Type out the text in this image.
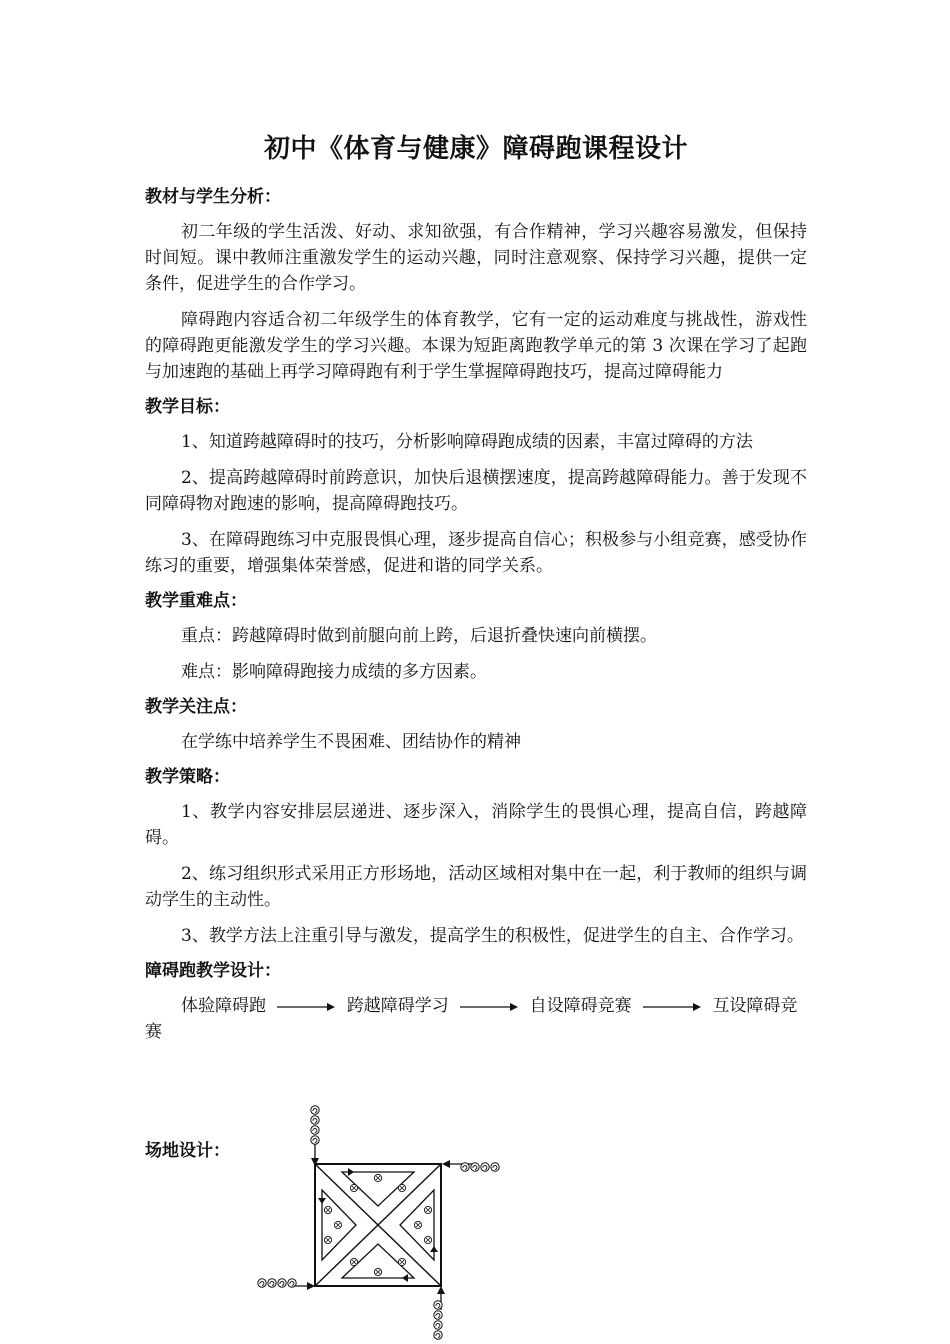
初中《体育与健康》障碍跑课程设计
教材与学生分析：

初二年级的学生活泼、好动、求知欲强，有合作精神，学习兴趣容易激发，但保持时间短。课中教师注重激发学生的运动兴趣，同时注意观察、保持学习兴趣，提供一定条件，促进学生的合作学习。

障碍跑内容适合初二年级学生的体育教学，它有一定的运动难度与挑战性，游戏性的障碍跑更能激发学生的学习兴趣。本课为短距离跑教学单元的第 3 次课在学习了起跑与加速跑的基础上再学习障碍跑有利于学生掌握障碍跑技巧，提高过障碍能力

教学目标：

1、知道跨越障碍时的技巧，分析影响障碍跑成绩的因素，丰富过障碍的方法

2、提高跨越障碍时前跨意识，加快后退横摆速度，提高跨越障碍能力。善于发现不同障碍物对跑速的影响，提高障碍跑技巧。

3、在障碍跑练习中克服畏惧心理，逐步提高自信心；积极参与小组竞赛，感受协作练习的重要，增强集体荣誉感，促进和谐的同学关系。

教学重难点：

重点：跨越障碍时做到前腿向前上跨，后退折叠快速向前横摆。

难点：影响障碍跑接力成绩的多方因素。

教学关注点：

在学练中培养学生不畏困难、团结协作的精神

教学策略：

1、教学内容安排层层递进、逐步深入，消除学生的畏惧心理，提高自信，跨越障碍。

2、练习组织形式采用正方形场地，活动区域相对集中在一起，利于教师的组织与调动学生的主动性。

3、教学方法上注重引导与激发，提高学生的积极性，促进学生的自主、合作学习。

障碍跑教学设计：

体验障碍跑	跨越障碍学习	自设障碍竞赛	互设障碍竞赛

场地设计：
